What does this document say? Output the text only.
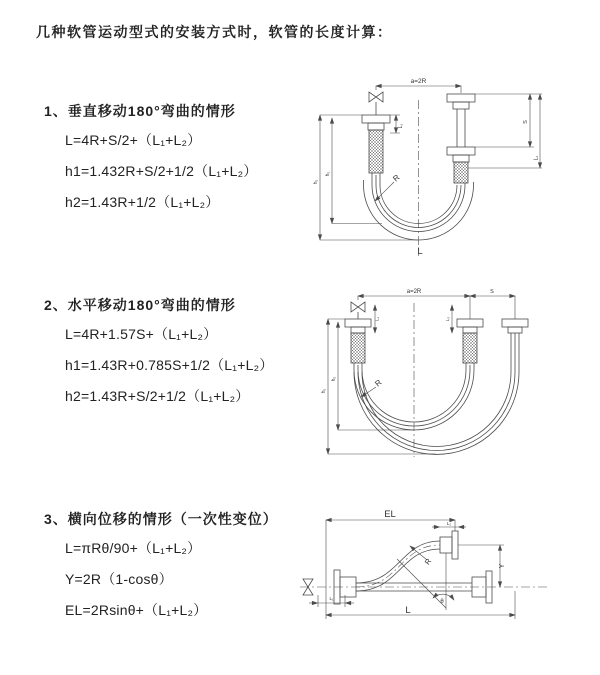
几种软管运动型式的安装方式时，软管的长度计算：
1、垂直移动180°弯曲的情形
L=4R+S/2+（L₁+L₂）
h1=1.432R+S/2+1/2（L₁+L₂）
h2=1.43R+1/2（L₁+L₂）
2、水平移动180°弯曲的情形
L=4R+1.57S+（L₁+L₂）
h1=1.43R+0.785S+1/2（L₁+L₂）
h2=1.43R+S/2+1/2（L₁+L₂）
3、横向位移的情形（一次性变位）
L=πRθ/90+（L₁+L₂）
Y=2R（1-cosθ）
EL=2Rsinθ+（L₁+L₂）
a=2R
L₁
S
L₂
h₁
h₂	R
L
a=2R	S
L₁	L₂
h₁
h₂	R
EL
L₂
Y
R
θ
L
L₁
